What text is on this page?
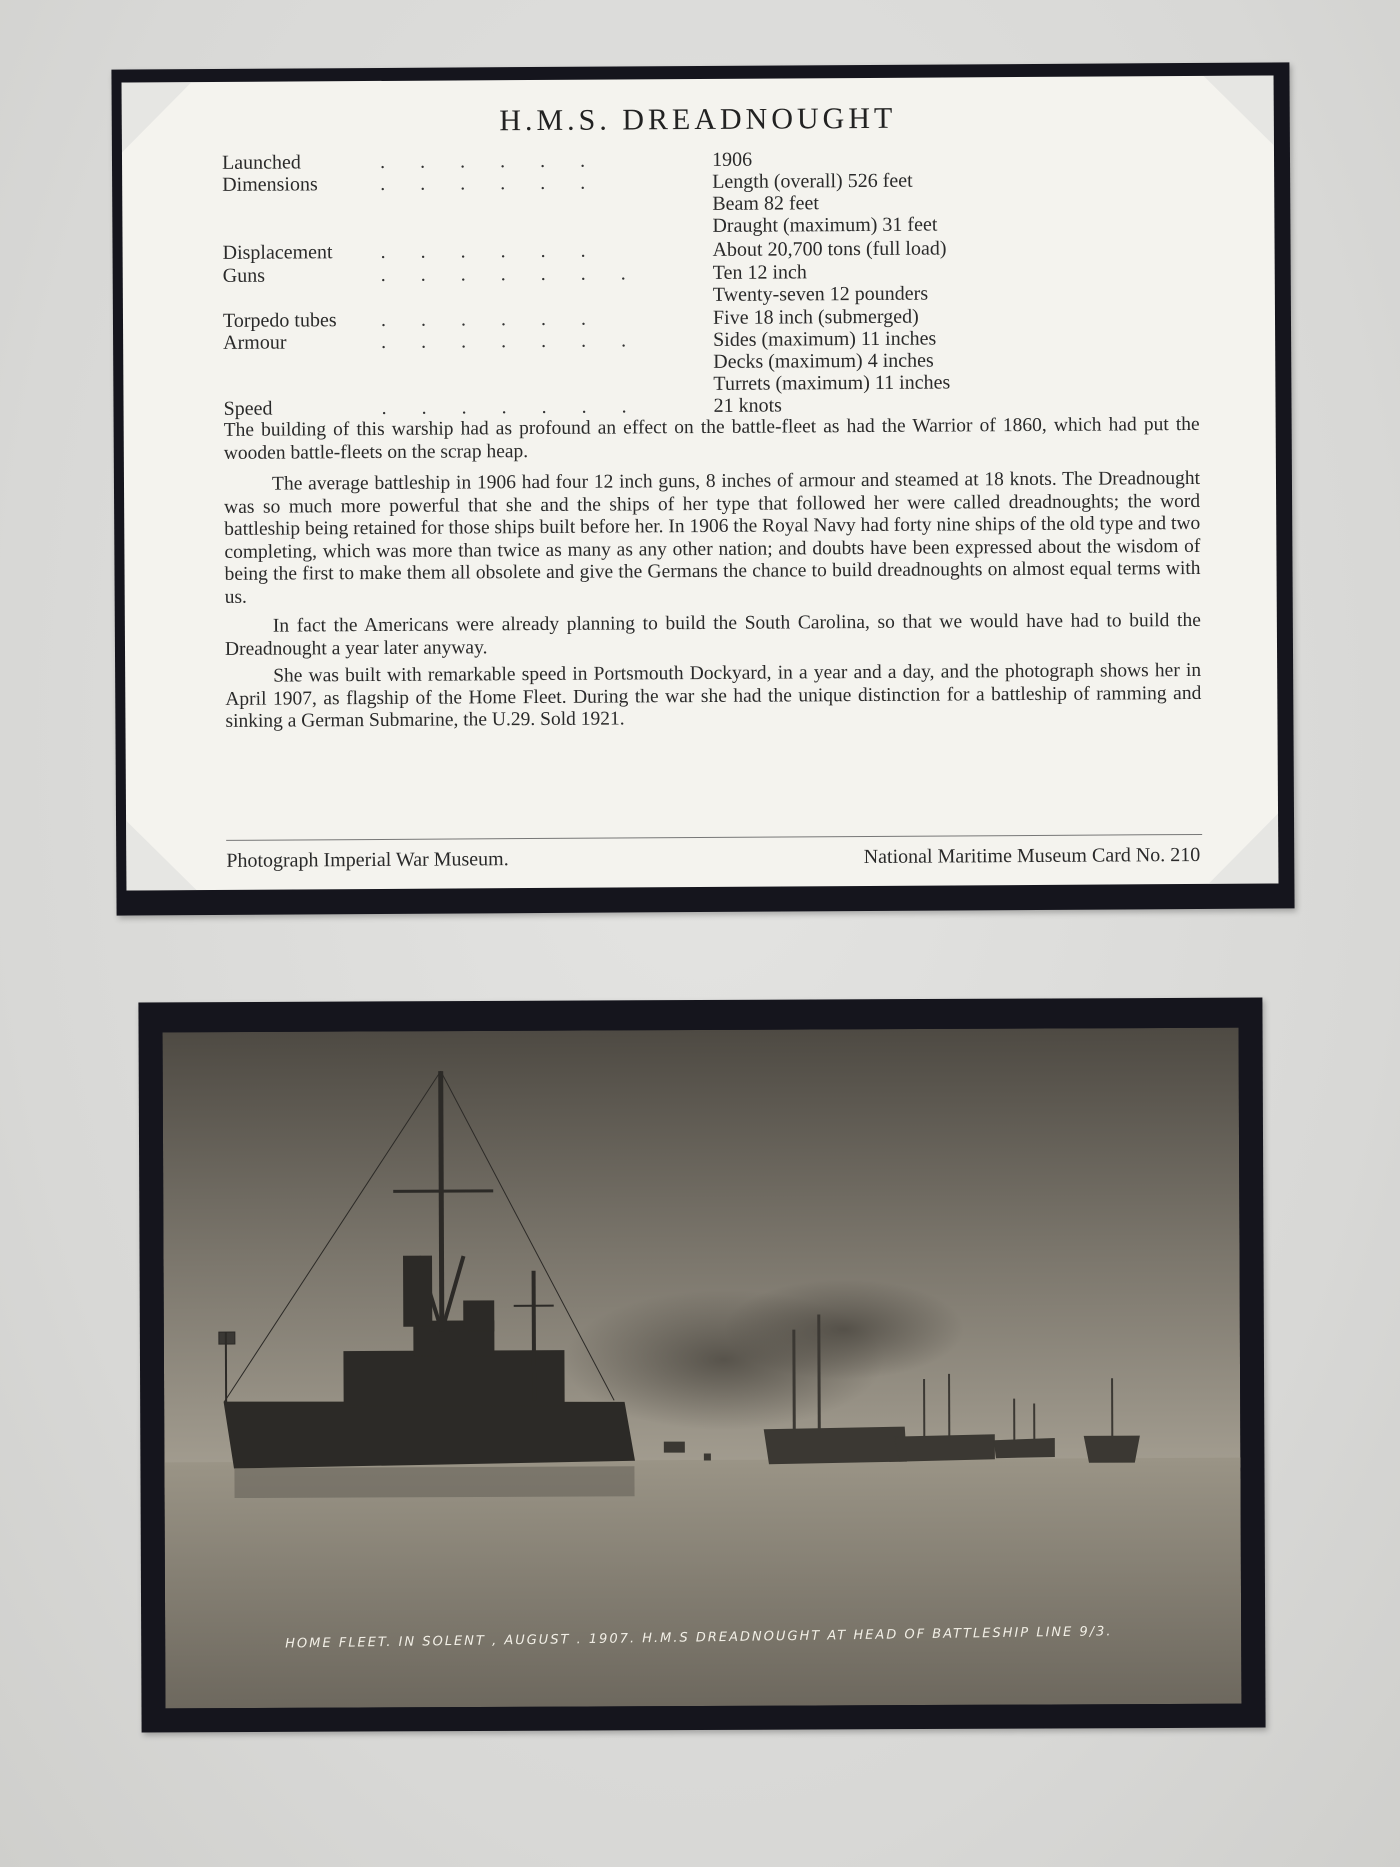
H.M.S. DREADNOUGHT
Launched	.       .       .       .       .       .	1906
Dimensions	.       .       .       .       .       .	Length (overall) 526 feet
Beam 82 feet
Draught (maximum) 31 feet
Displacement .       .       .       .       .       .	About 20,700 tons (full load)
Guns	.       .       .       .       .       .       .	Ten 12 inch
Twenty-seven 12 pounders
Torpedo tubes .       .       .       .       .       .	Five 18 inch (submerged)
Armour	.       .       .       .       .       .       .	Sides (maximum) 11 inches
Decks (maximum) 4 inches
Turrets (maximum) 11 inches
Speed	.       .       .       .       .       .       .	21 knots

The building of this warship had as profound an effect on the battle-fleet as had the Warrior of 1860, which had put the wooden battle-fleets on the scrap heap.

The average battleship in 1906 had four 12 inch guns, 8 inches of armour and steamed at 18 knots. The Dreadnought was so much more powerful that she and the ships of her type that followed her were called dreadnoughts; the word battleship being retained for those ships built before her. In 1906 the Royal Navy had forty nine ships of the old type and two completing, which was more than twice as many as any other nation; and doubts have been expressed about the wisdom of being the first to make them all obsolete and give the Germans the chance to build dreadnoughts on almost equal terms with us.

In fact the Americans were already planning to build the South Carolina, so that we would have had to build the Dreadnought a year later anyway.

She was built with remarkable speed in Portsmouth Dockyard, in a year and a day, and the photograph shows her in April 1907, as flagship of the Home Fleet. During the war she had the unique distinction for a battleship of ramming and sinking a German Submarine, the U.29. Sold 1921.

Photograph Imperial War Museum.	National Maritime Museum Card No. 210
HOME FLEET. IN SOLENT , AUGUST . 1907. H.M.S DREADNOUGHT AT HEAD OF BATTLESHIP LINE 9/3.
